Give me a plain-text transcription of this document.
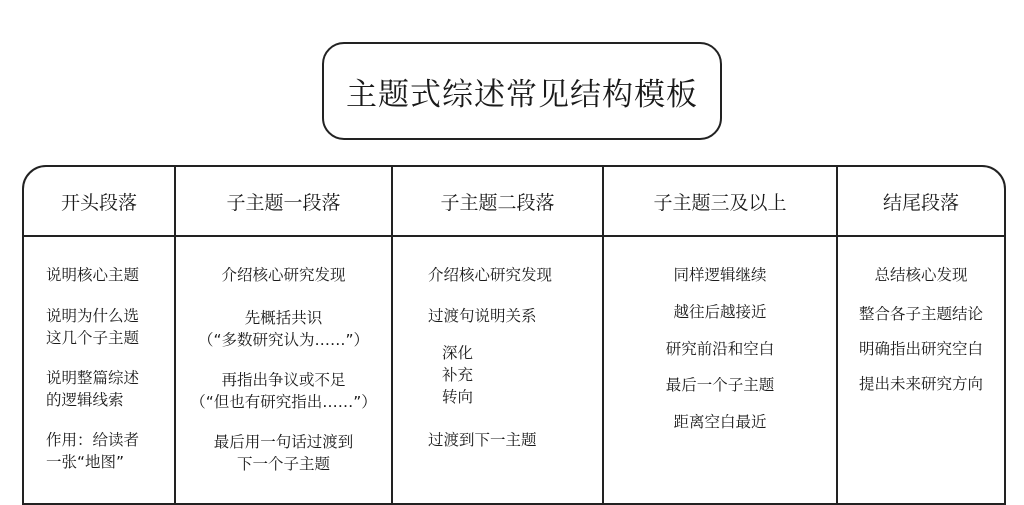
主题式综述常见结构模板
开头段落
说明核心主题
说明为什么选
这几个子主题
说明整篇综述
的逻辑线索
作用：给读者
一张“地图”
子主题一段落
介绍核心研究发现
先概括共识
（“多数研究认为……”）
再指出争议或不足
（“但也有研究指出……”）
最后用一句话过渡到
下一个子主题
子主题二段落
介绍核心研究发现
过渡句说明关系
深化
补充
转向
过渡到下一主题
子主题三及以上
同样逻辑继续
越往后越接近
研究前沿和空白
最后一个子主题
距离空白最近
结尾段落
总结核心发现
整合各子主题结论
明确指出研究空白
提出未来研究方向
